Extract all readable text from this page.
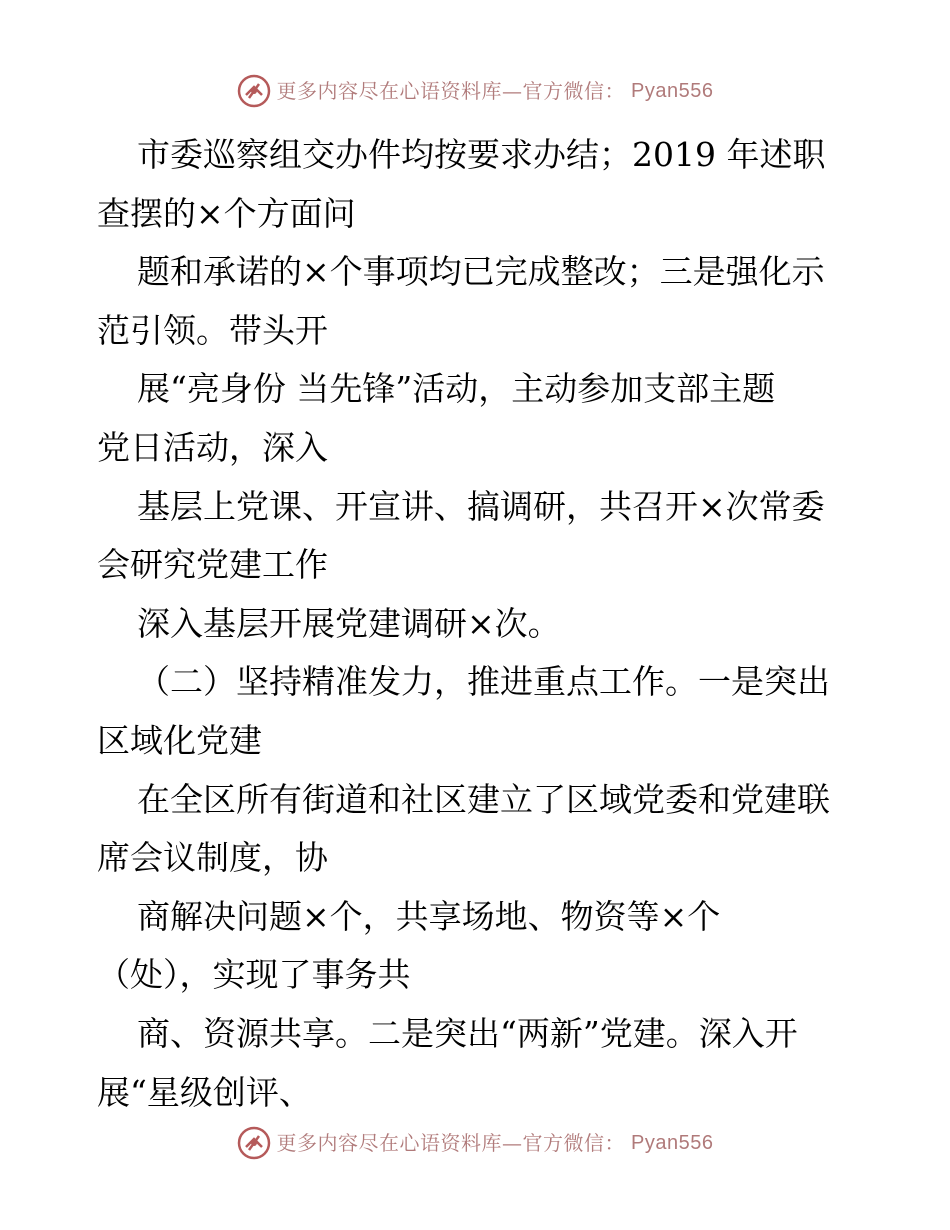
更多内容尽在心语资料库—官方微信： Pyan556
市委巡察组交办件均按要求办结；2019 年述职
查摆的×个方面问
题和承诺的×个事项均已完成整改；三是强化示
范引领。带头开
展“亮身份 当先锋”活动，主动参加支部主题
党日活动，深入
基层上党课、开宣讲、搞调研，共召开×次常委
会研究党建工作
深入基层开展党建调研×次。
（二）坚持精准发力，推进重点工作。一是突出
区域化党建
在全区所有街道和社区建立了区域党委和党建联
席会议制度，协
商解决问题×个，共享场地、物资等×个
（处），实现了事务共
商、资源共享。二是突出“两新”党建。深入开
展“星级创评、
更多内容尽在心语资料库—官方微信： Pyan556
